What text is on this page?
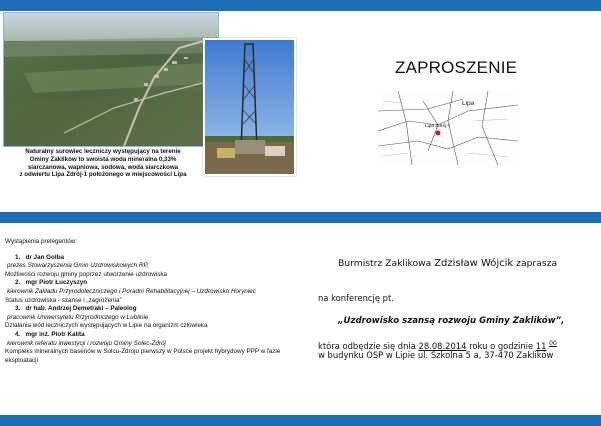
Naturalny surowiec leczniczy występujący na terenie
Gminy Zaklików to swoista woda mineralna 0,33%
siarczanowa, wapniowa, sodowa, woda siarczkowa
z odwiertu Lipa Zdrój-1 położonego w miejscowości Lipa
ZAPROSZENIE
Lipa
Lipa Zdrój-1
Wystąpienia prelegentów:
1. dr Jan Golba
prezes Stowarzyszenia Gmin Uzdrowiskowych RP,
Możliwości rozwoju gminy poprzez utworzenie uzdrowiska
2. mgr Piotr Łuczyszyn
kierownik Zakładu Przyrodoleczniczego i Poradni Rehabilitacyjnej – Uzdrowisko Horyniec
Status uzdrowiska - szanse i „zagrożenia”
3. dr hab. Andrzej Demetraki – Paleolog
pracownik Uniwersytetu Przyrodniczego w Lublinie
Działania wód leczniczych występujących w Lipie na organizm człowieka
4. mgr inż. Piotr Kalita
kierownik referatu inwestycji i rozwoju Gminy Solec-Zdrój
Kompleks mineralnych basenów w Solcu-Zdroju pierwszy w Polsce projekt hybrydowy PPP w fazie eksploatacji
Burmistrz Zaklikowa Zdzisław Wójcik zaprasza
na konferencję pt.
„Uzdrowisko szansą rozwoju Gminy Zaklików”,
która odbędzie się dnia 28.08.2014 roku o godzinie 11 $^{00}$
w budynku OSP w Lipie ul. Szkolna 5 a, 37-470 Zaklików
